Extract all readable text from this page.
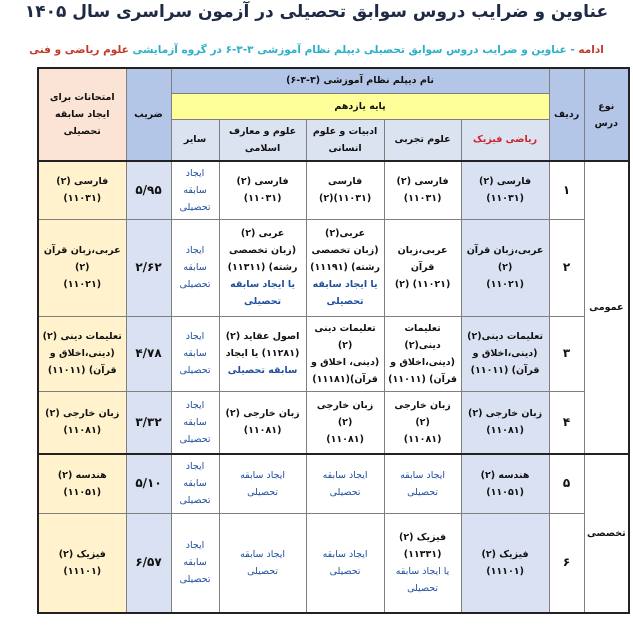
عناوین و ضرایب دروس سوابق تحصیلی در آزمون سراسری سال ۱۴۰۵
ادامه - عناوین و ضرایب دروس سوابق تحصیلی دیپلم نظام آموزشی ۳-۳-۶ در گروه آزمایشی علوم ریاضی و فنی
نوع
درس	ردیف	نام دیپلم نظام آموزشی (۳-۳-۶)					ضریب	امتحانات برای
ایجاد سابقه
تحصیلی

		پایه یازدهم						
		ریاضی فیزیک	علوم تجربی	ادبیات و علوم
انسانی	علوم و معارف
اسلامی	سایر		

عمومی	۱	فارسی (۲)
(۱۱۰۳۱)	فارسی (۲)
(۱۱۰۳۱)	فارسی
(۱۱۰۳۱)(۲)	فارسی (۲)
(۱۱۰۳۱)	ایجاد
سابقه
تحصیلی	۵/۹۵	فارسی (۲)
(۱۱۰۳۱)

	۲	عربی،زبان قرآن (۲)
(۱۱۰۲۱)	عربی،زبان قرآن
(۱۱۰۲۱) (۲)	عربی(۲)
(زبان تخصصی
رشته) (۱۱۱۹۱)
یا ایجاد سابقه
تحصیلی	عربی (۲)
(زبان تخصصی
رشته) (۱۱۳۱۱)
یا ایجاد سابقه
تحصیلی	ایجاد
سابقه
تحصیلی	۲/۶۲	عربی،زبان قرآن (۲)
(۱۱۰۲۱)

	۳	تعلیمات دینی(۲)
(دینی،اخلاق و
قرآن) (۱۱۰۱۱)	تعلیمات دینی(۲)
(دینی،اخلاق و
قرآن) (۱۱۰۱۱)	تعلیمات دینی (۲)
(دینی، اخلاق و
قرآن)(۱۱۱۸۱)	اصول عقاید (۲)
(۱۱۲۸۱) یا ایجاد
سابقه تحصیلی	ایجاد
سابقه
تحصیلی	۴/۷۸	تعلیمات دینی (۲)
(دینی،اخلاق و
قرآن) (۱۱۰۱۱)

	۴	زبان خارجی (۲)
(۱۱۰۸۱)	زبان خارجی (۲)
(۱۱۰۸۱)	زبان خارجی (۲)
(۱۱۰۸۱)	زبان خارجی (۲)
(۱۱۰۸۱)	ایجاد
سابقه
تحصیلی	۳/۳۲	زبان خارجی (۲)
(۱۱۰۸۱)

تخصصی	۵	هندسه (۲)
(۱۱۰۵۱)	ایجاد سابقه
تحصیلی	ایجاد سابقه
تحصیلی	ایجاد سابقه
تحصیلی	ایجاد
سابقه
تحصیلی	۵/۱۰	هندسه (۲)
(۱۱۰۵۱)

	۶	فیزیک (۲) (۱۱۱۰۱)	فیزیک (۲)
(۱۱۳۳۱)
یا ایجاد سابقه
تحصیلی	ایجاد سابقه
تحصیلی	ایجاد سابقه
تحصیلی	ایجاد
سابقه
تحصیلی	۶/۵۷	فیزیک (۲)
(۱۱۱۰۱)
